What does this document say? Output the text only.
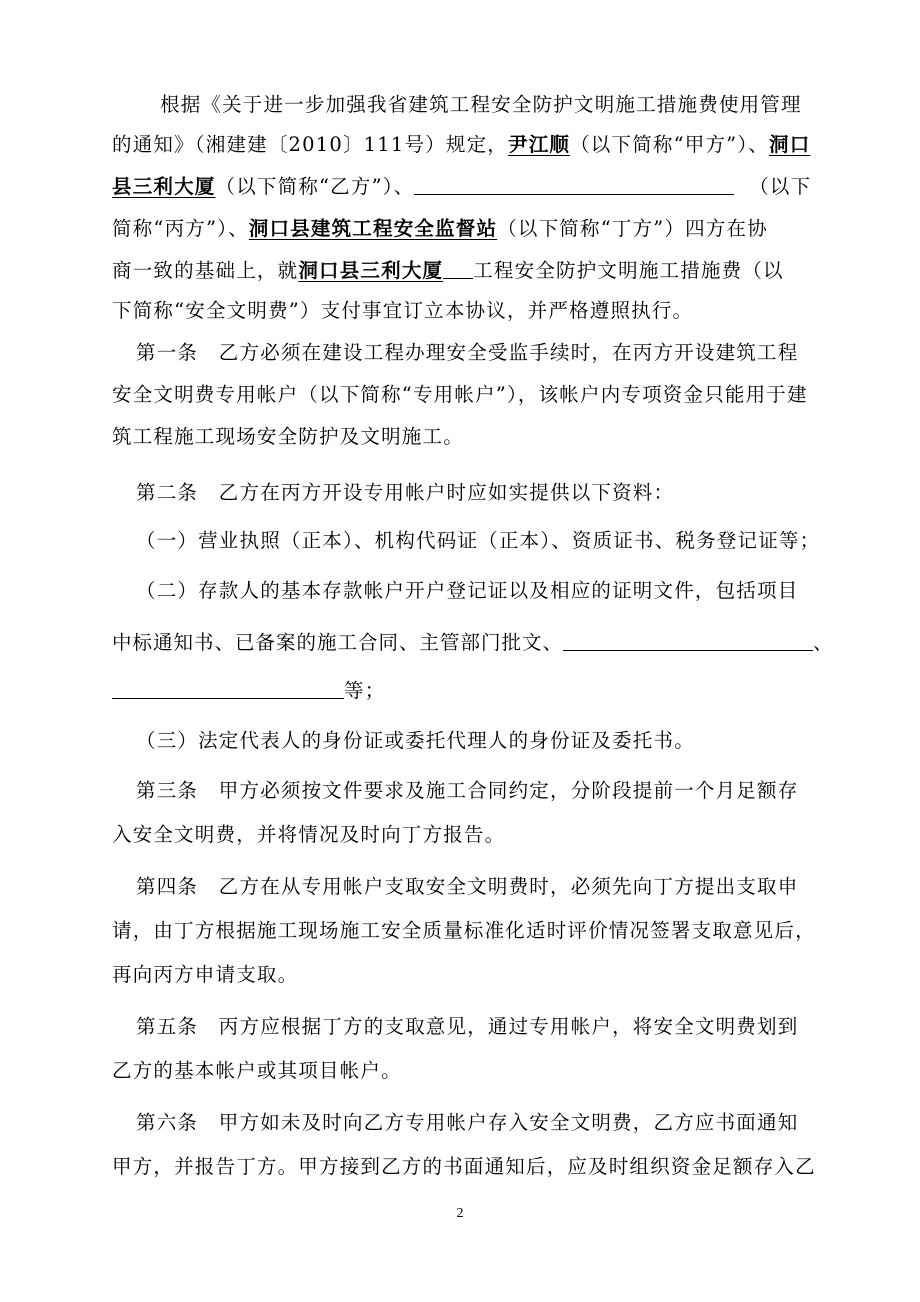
根据《关于进一步加强我省建筑工程安全防护文明施工措施费使用管理
的通知》（湘建建〔2010〕111号）规定，尹江顺（以下简称“甲方”）、洞口
县三利大厦（以下简称“乙方”）、	（以下
简称“丙方”）、洞口县建筑工程安全监督站（以下简称“丁方”）四方在协
商一致的基础上，就洞口县三利大厦 工程安全防护文明施工措施费（以
下简称“安全文明费”）支付事宜订立本协议，并严格遵照执行。
第一条　乙方必须在建设工程办理安全受监手续时，在丙方开设建筑工程
安全文明费专用帐户（以下简称“专用帐户”），该帐户内专项资金只能用于建
筑工程施工现场安全防护及文明施工。
第二条　乙方在丙方开设专用帐户时应如实提供以下资料：
（一）营业执照（正本）、机构代码证（正本）、资质证书、税务登记证等；
（二）存款人的基本存款帐户开户登记证以及相应的证明文件，包括项目
中标通知书、已备案的施工合同、主管部门批文、	、
等；
（三）法定代表人的身份证或委托代理人的身份证及委托书。
第三条　甲方必须按文件要求及施工合同约定，分阶段提前一个月足额存
入安全文明费，并将情况及时向丁方报告。
第四条　乙方在从专用帐户支取安全文明费时，必须先向丁方提出支取申
请，由丁方根据施工现场施工安全质量标准化适时评价情况签署支取意见后，
再向丙方申请支取。
第五条　丙方应根据丁方的支取意见，通过专用帐户，将安全文明费划到
乙方的基本帐户或其项目帐户。
第六条　甲方如未及时向乙方专用帐户存入安全文明费，乙方应书面通知
甲方，并报告丁方。甲方接到乙方的书面通知后，应及时组织资金足额存入乙
2
